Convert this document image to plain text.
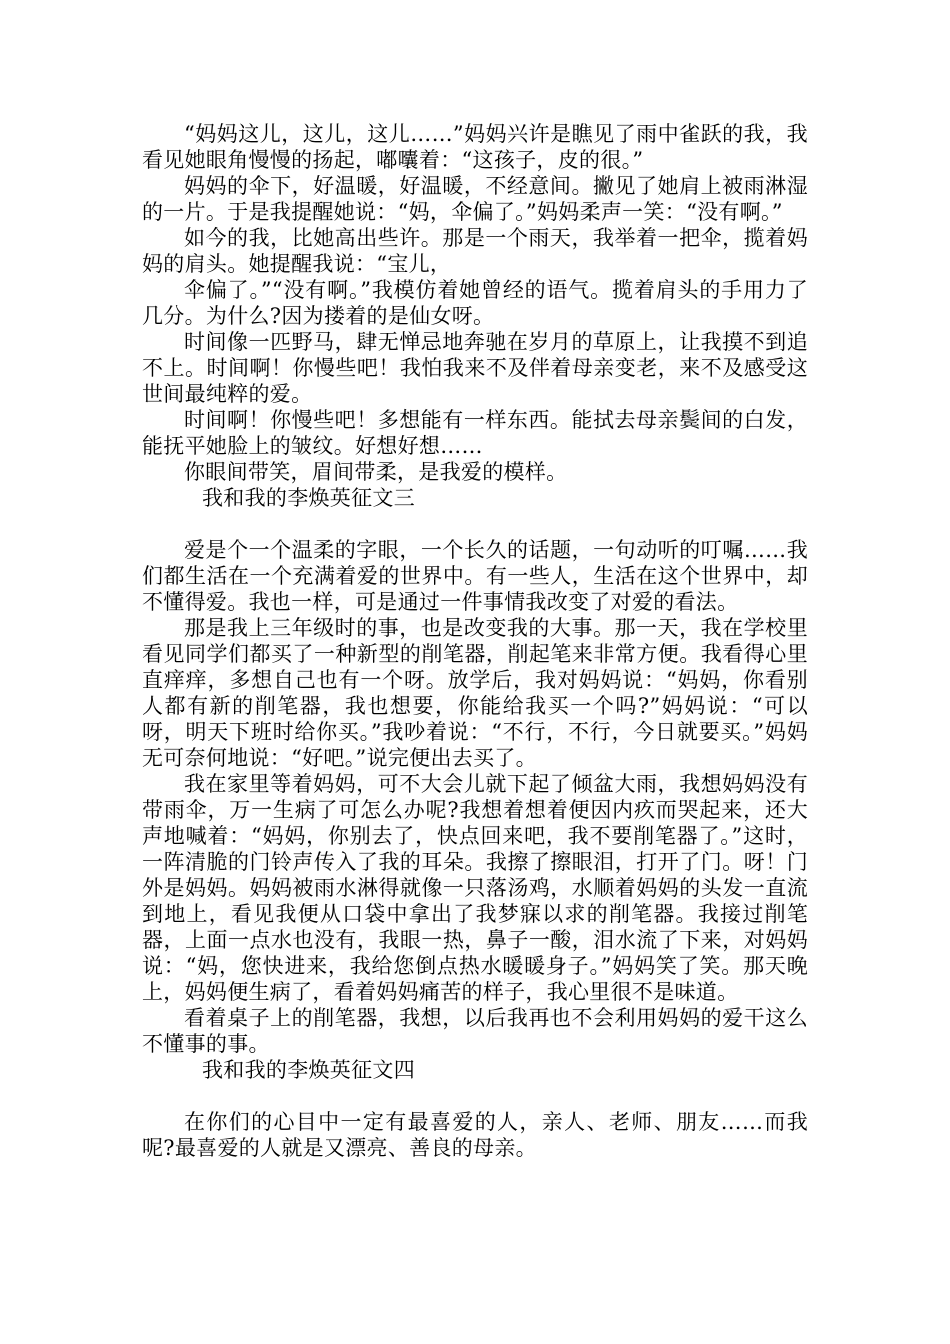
“妈妈这儿，这儿，这儿……”妈妈兴许是瞧见了雨中雀跃的我，我看见她眼角慢慢的扬起，嘟囔着：“这孩子，皮的很。”

妈妈的伞下，好温暖，好温暖，不经意间。撇见了她肩上被雨淋湿的一片。于是我提醒她说：“妈，伞偏了。”妈妈柔声一笑：“没有啊。”

如今的我，比她高出些许。那是一个雨天，我举着一把伞，揽着妈妈的肩头。她提醒我说：“宝儿，

伞偏了。”“没有啊。”我模仿着她曾经的语气。揽着肩头的手用力了几分。为什么?因为搂着的是仙女呀。

时间像一匹野马，肆无惮忌地奔驰在岁月的草原上，让我摸不到追不上。时间啊！你慢些吧！我怕我来不及伴着母亲变老，来不及感受这世间最纯粹的爱。

时间啊！你慢些吧！多想能有一样东西。能拭去母亲鬓间的白发，能抚平她脸上的皱纹。好想好想……

你眼间带笑，眉间带柔，是我爱的模样。

我和我的李焕英征文三

爱是个一个温柔的字眼，一个长久的话题，一句动听的叮嘱……我们都生活在一个充满着爱的世界中。有一些人，生活在这个世界中，却不懂得爱。我也一样，可是通过一件事情我改变了对爱的看法。

那是我上三年级时的事，也是改变我的大事。那一天，我在学校里看见同学们都买了一种新型的削笔器，削起笔来非常方便。我看得心里直痒痒，多想自己也有一个呀。放学后，我对妈妈说：“妈妈，你看别人都有新的削笔器，我也想要，你能给我买一个吗?”妈妈说：“可以呀，明天下班时给你买。”我吵着说：“不行，不行，今日就要买。”妈妈无可奈何地说：“好吧。”说完便出去买了。

我在家里等着妈妈，可不大会儿就下起了倾盆大雨，我想妈妈没有带雨伞，万一生病了可怎么办呢?我想着想着便因内疚而哭起来，还大声地喊着：“妈妈，你别去了，快点回来吧，我不要削笔器了。”这时，一阵清脆的门铃声传入了我的耳朵。我擦了擦眼泪，打开了门。呀！门外是妈妈。妈妈被雨水淋得就像一只落汤鸡，水顺着妈妈的头发一直流到地上，看见我便从口袋中拿出了我梦寐以求的削笔器。我接过削笔器，上面一点水也没有，我眼一热，鼻子一酸，泪水流了下来，对妈妈说：“妈，您快进来，我给您倒点热水暖暖身子。”妈妈笑了笑。那天晚上，妈妈便生病了，看着妈妈痛苦的样子，我心里很不是味道。

看着桌子上的削笔器，我想，以后我再也不会利用妈妈的爱干这么不懂事的事。

我和我的李焕英征文四

在你们的心目中一定有最喜爱的人，亲人、老师、朋友……而我呢?最喜爱的人就是又漂亮、善良的母亲。
